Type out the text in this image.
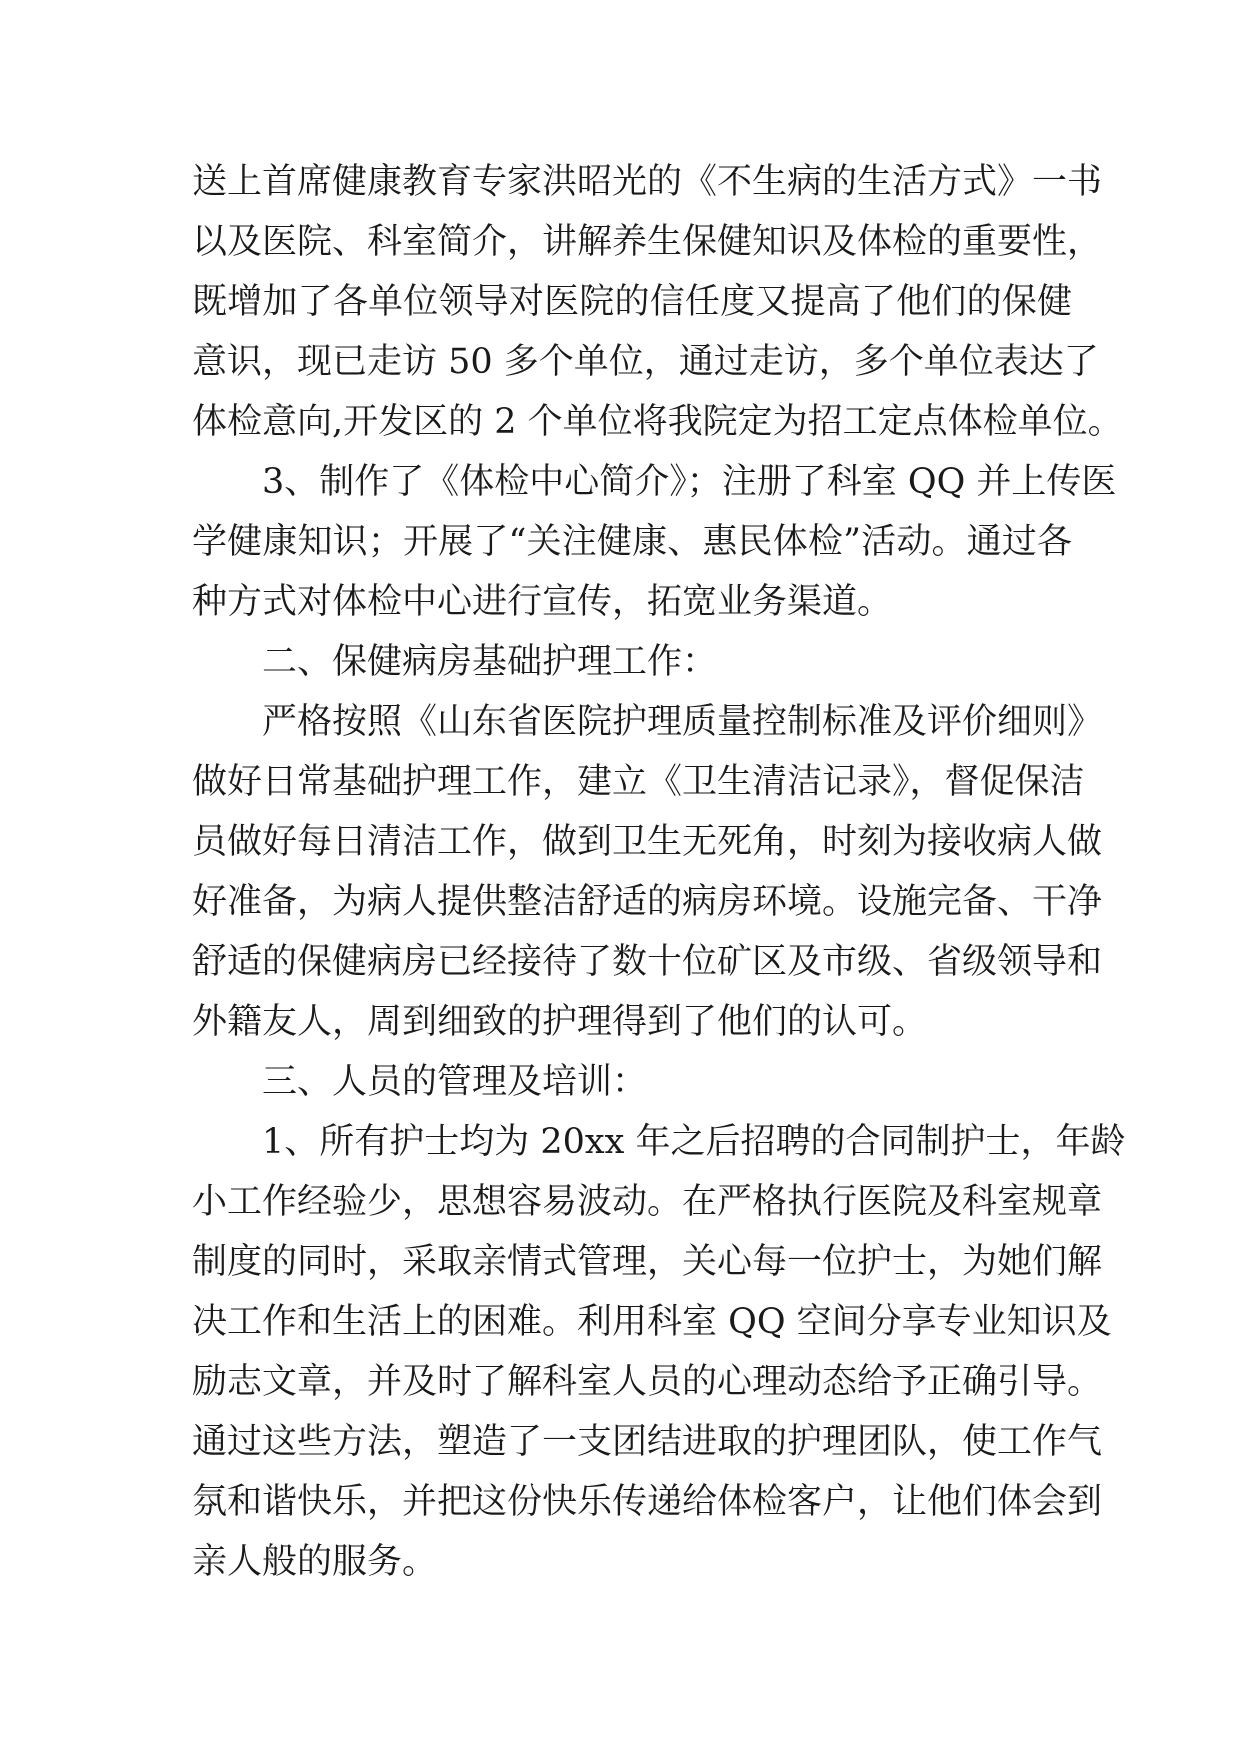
送上首席健康教育专家洪昭光的《不生病的生活方式》一书
以及医院、科室简介，讲解养生保健知识及体检的重要性，
既增加了各单位领导对医院的信任度又提高了他们的保健
意识，现已走访 50 多个单位，通过走访，多个单位表达了
体检意向,开发区的 2 个单位将我院定为招工定点体检单位。
3、制作了《体检中心简介》；注册了科室 QQ 并上传医
学健康知识；开展了“关注健康、惠民体检”活动。通过各
种方式对体检中心进行宣传，拓宽业务渠道。
二、保健病房基础护理工作：
严格按照《山东省医院护理质量控制标准及评价细则》
做好日常基础护理工作，建立《卫生清洁记录》，督促保洁
员做好每日清洁工作，做到卫生无死角，时刻为接收病人做
好准备，为病人提供整洁舒适的病房环境。设施完备、干净
舒适的保健病房已经接待了数十位矿区及市级、省级领导和
外籍友人，周到细致的护理得到了他们的认可。
三、人员的管理及培训：
1、所有护士均为 20xx 年之后招聘的合同制护士，年龄
小工作经验少，思想容易波动。在严格执行医院及科室规章
制度的同时，采取亲情式管理，关心每一位护士，为她们解
决工作和生活上的困难。利用科室 QQ 空间分享专业知识及
励志文章，并及时了解科室人员的心理动态给予正确引导。
通过这些方法，塑造了一支团结进取的护理团队，使工作气
氛和谐快乐，并把这份快乐传递给体检客户，让他们体会到
亲人般的服务。
